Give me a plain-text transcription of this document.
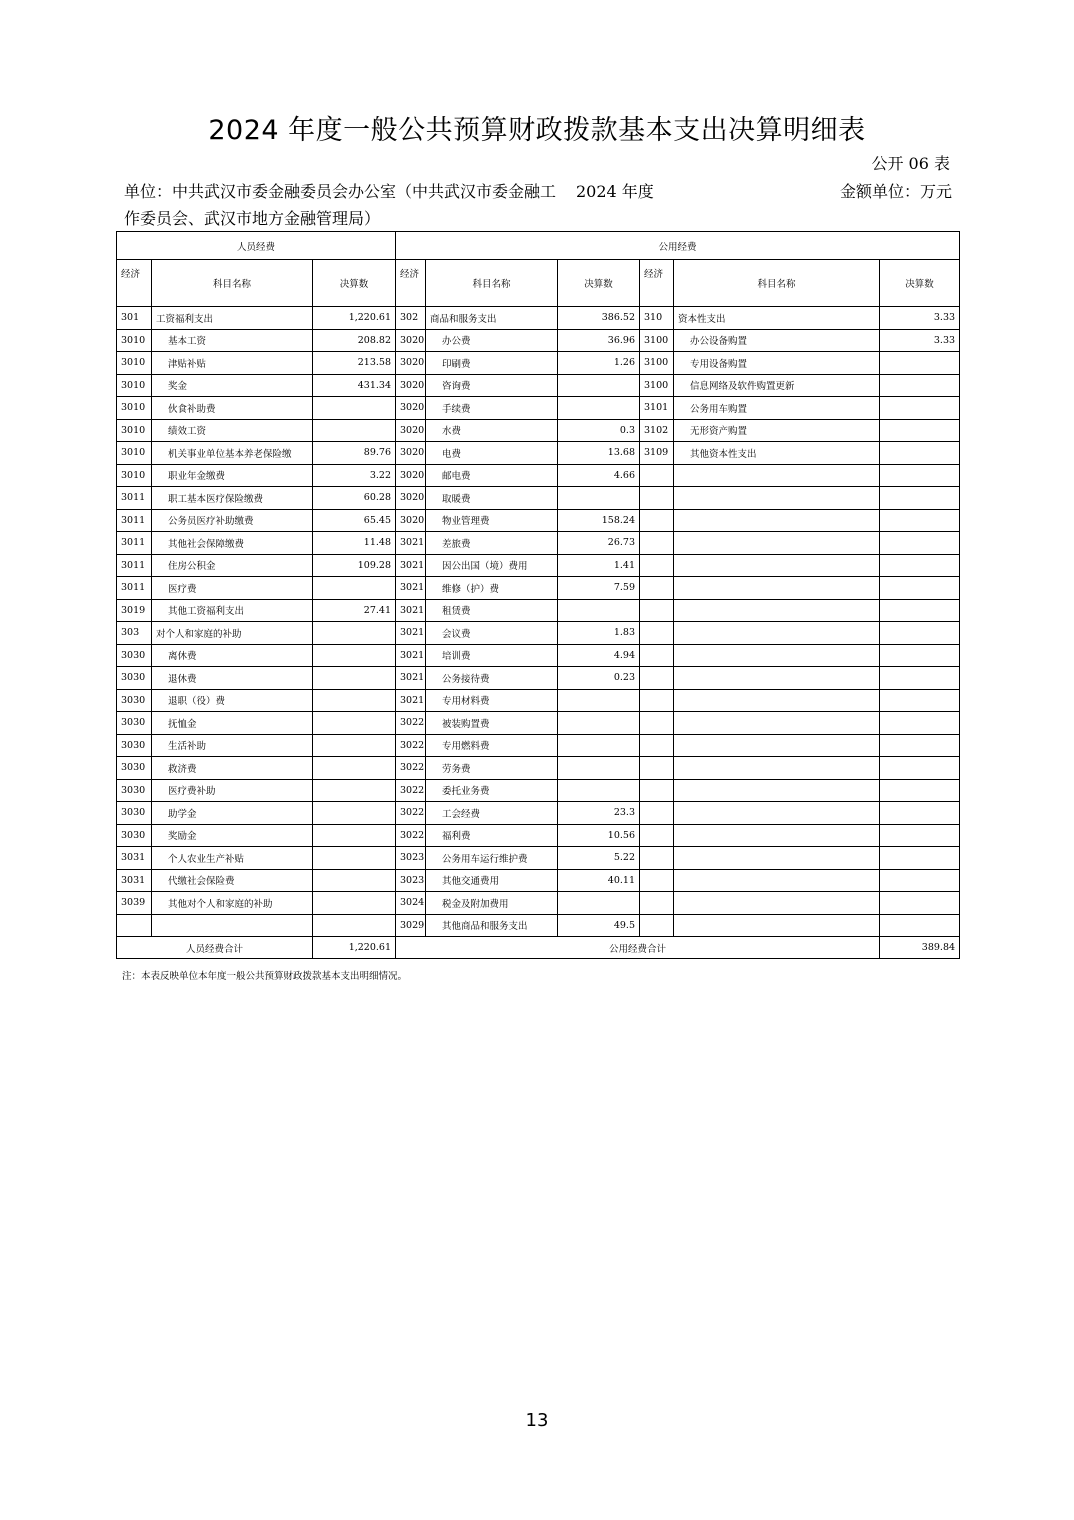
2024 年度一般公共预算财政拨款基本支出决算明细表
公开 06 表
单位：中共武汉市委金融委员会办公室（中共武汉市委金融工作委员会、武汉市地方金融管理局）
2024 年度	金额单位：万元
人员经费			公用经费					
经济	科目名称	决算数	经济	科目名称	决算数	经济	科目名称	决算数
301	工资福利支出	1,220.61	302	商品和服务支出	386.52	310	资本性支出	3.33
3010	基本工资	208.82	3020	办公费	36.96	3100	办公设备购置	3.33
3010	津贴补贴	213.58	3020	印刷费	1.26	3100	专用设备购置	
3010	奖金	431.34	3020	咨询费		3100	信息网络及软件购置更新	
3010	伙食补助费		3020	手续费		3101	公务用车购置	
3010	绩效工资		3020	水费	0.3	3102	无形资产购置	
3010	机关事业单位基本养老保险缴	89.76	3020	电费	13.68	3109	其他资本性支出	
3010	职业年金缴费	3.22	3020	邮电费	4.66			
3011	职工基本医疗保险缴费	60.28	3020	取暖费				
3011	公务员医疗补助缴费	65.45	3020	物业管理费	158.24			
3011	其他社会保障缴费	11.48	3021	差旅费	26.73			
3011	住房公积金	109.28	3021	因公出国（境）费用	1.41			
3011	医疗费		3021	维修（护）费	7.59			
3019	其他工资福利支出	27.41	3021	租赁费				
303	对个人和家庭的补助		3021	会议费	1.83			
3030	离休费		3021	培训费	4.94			
3030	退休费		3021	公务接待费	0.23			
3030	退职（役）费		3021	专用材料费				
3030	抚恤金		3022	被装购置费				
3030	生活补助		3022	专用燃料费				
3030	救济费		3022	劳务费				
3030	医疗费补助		3022	委托业务费				
3030	助学金		3022	工会经费	23.3			
3030	奖励金		3022	福利费	10.56			
3031	个人农业生产补贴		3023	公务用车运行维护费	5.22			
3031	代缴社会保险费		3023	其他交通费用	40.11			
3039	其他对个人和家庭的补助		3024	税金及附加费用				
			3029	其他商品和服务支出	49.5			
人员经费合计		1,220.61	公用经费合计					389.84
注：本表反映单位本年度一般公共预算财政拨款基本支出明细情况。
13
